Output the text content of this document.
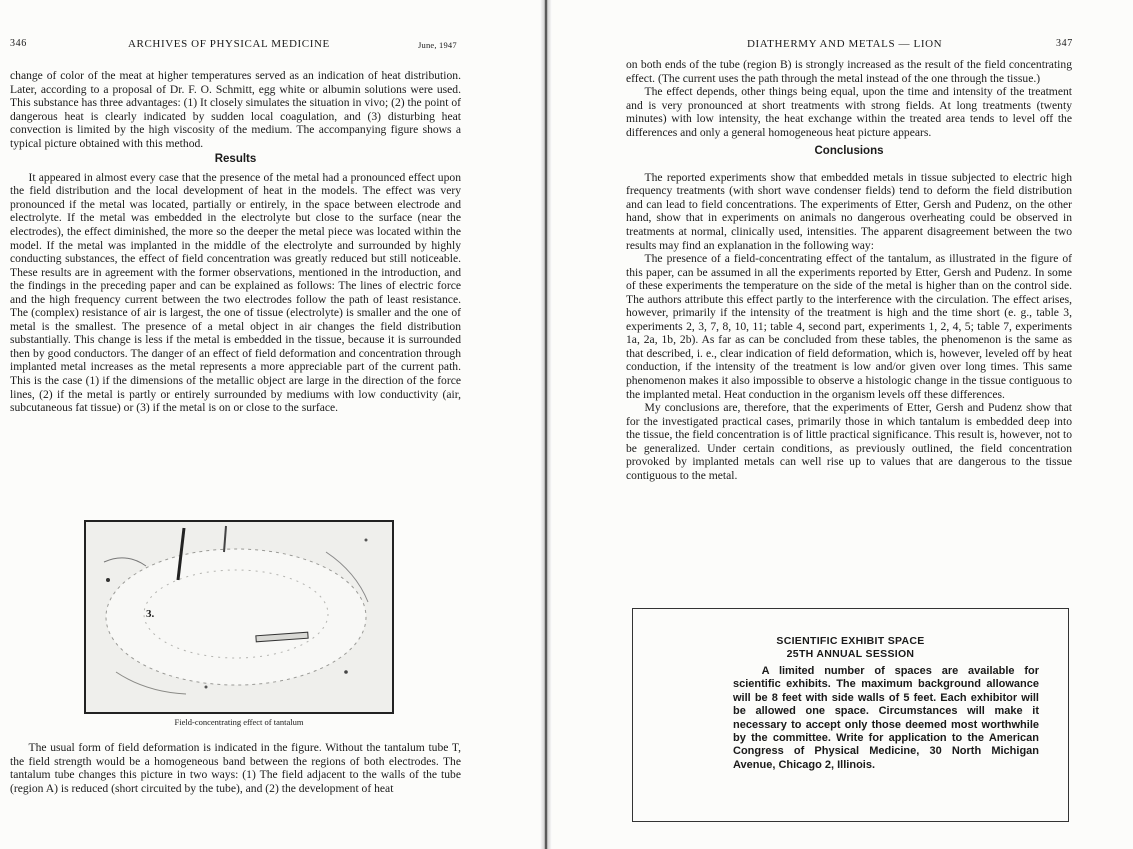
346	ARCHIVES OF PHYSICAL MEDICINE	June, 1947

change of color of the meat at higher temperatures served as an indication of heat distribution. Later, according to a proposal of Dr. F. O. Schmitt, egg white or albumin solutions were used. This substance has three advantages: (1) It closely simulates the situation in vivo; (2) the point of dangerous heat is clearly indicated by sudden local coagulation, and (3) disturbing heat convection is limited by the high viscosity of the medium. The accompanying figure shows a typical picture obtained with this method.

Results

It appeared in almost every case that the presence of the metal had a pronounced effect upon the field distribution and the local development of heat in the models. The effect was very pronounced if the metal was located, partially or entirely, in the space between electrode and electrolyte. If the metal was embedded in the electrolyte but close to the surface (near the electrodes), the effect diminished, the more so the deeper the metal piece was located within the model. If the metal was implanted in the middle of the electrolyte and surrounded by highly conducting substances, the effect of field concentration was greatly reduced but still noticeable. These results are in agreement with the former observations, mentioned in the introduction, and the findings in the preceding paper and can be explained as follows: The lines of electric force and the high frequency current between the two electrodes follow the path of least resistance. The (complex) resistance of air is largest, the one of tissue (electrolyte) is smaller and the one of metal is the smallest. The presence of a metal object in air changes the field distribution substantially. This change is less if the metal is embedded in the tissue, because it is surrounded then by good conductors. The danger of an effect of field deformation and concentration through implanted metal increases as the metal represents a more appreciable part of the current path. This is the case (1) if the dimensions of the metallic object are large in the direction of the force lines, (2) if the metal is partly or entirely surrounded by mediums with low conductivity (air, subcutaneous fat tissue) or (3) if the metal is on or close to the surface.

3.
Field-concentrating effect of tantalum

The usual form of field deformation is indicated in the figure. Without the tantalum tube T, the field strength would be a homogeneous band between the regions of both electrodes. The tantalum tube changes this picture in two ways: (1) The field adjacent to the walls of the tube (region A) is reduced (short circuited by the tube), and (2) the development of heat

DIATHERMY AND METALS — LION	347

on both ends of the tube (region B) is strongly increased as the result of the field concentrating effect. (The current uses the path through the metal instead of the one through the tissue.)

The effect depends, other things being equal, upon the time and intensity of the treatment and is very pronounced at short treatments with strong fields. At long treatments (twenty minutes) with low intensity, the heat exchange within the treated area tends to level off the differences and only a general homogeneous heat picture appears.

Conclusions

The reported experiments show that embedded metals in tissue subjected to electric high frequency treatments (with short wave condenser fields) tend to deform the field distribution and can lead to field concentrations. The experiments of Etter, Gersh and Pudenz, on the other hand, show that in experiments on animals no dangerous overheating could be observed in treatments at normal, clinically used, intensities. The apparent disagreement between the two results may find an explanation in the following way:

The presence of a field-concentrating effect of the tantalum, as illustrated in the figure of this paper, can be assumed in all the experiments reported by Etter, Gersh and Pudenz. In some of these experiments the temperature on the side of the metal is higher than on the control side. The authors attribute this effect partly to the interference with the circulation. The effect arises, however, primarily if the intensity of the treatment is high and the time short (e. g., table 3, experiments 2, 3, 7, 8, 10, 11; table 4, second part, experiments 1, 2, 4, 5; table 7, experiments 1a, 2a, 1b, 2b). As far as can be concluded from these tables, the phenomenon is the same as that described, i. e., clear indication of field deformation, which is, however, leveled off by heat conduction, if the intensity of the treatment is low and/or given over long times. This same phenomenon makes it also impossible to observe a histologic change in the tissue contiguous to the implanted metal. Heat conduction in the organism levels off these differences.

My conclusions are, therefore, that the experiments of Etter, Gersh and Pudenz show that for the investigated practical cases, primarily those in which tantalum is embedded deep into the tissue, the field concentration is of little practical significance. This result is, however, not to be generalized. Under certain conditions, as previously outlined, the field concentration provoked by implanted metals can well rise up to values that are dangerous to the tissue contiguous to the metal.

SCIENTIFIC EXHIBIT SPACE
25TH ANNUAL SESSION

A limited number of spaces are available for scientific exhibits. The maximum background allowance will be 8 feet with side walls of 5 feet. Each exhibitor will be allowed one space. Circumstances will make it necessary to accept only those deemed most worthwhile by the committee. Write for application to the American Congress of Physical Medicine, 30 North Michigan Avenue, Chicago 2, Illinois.
